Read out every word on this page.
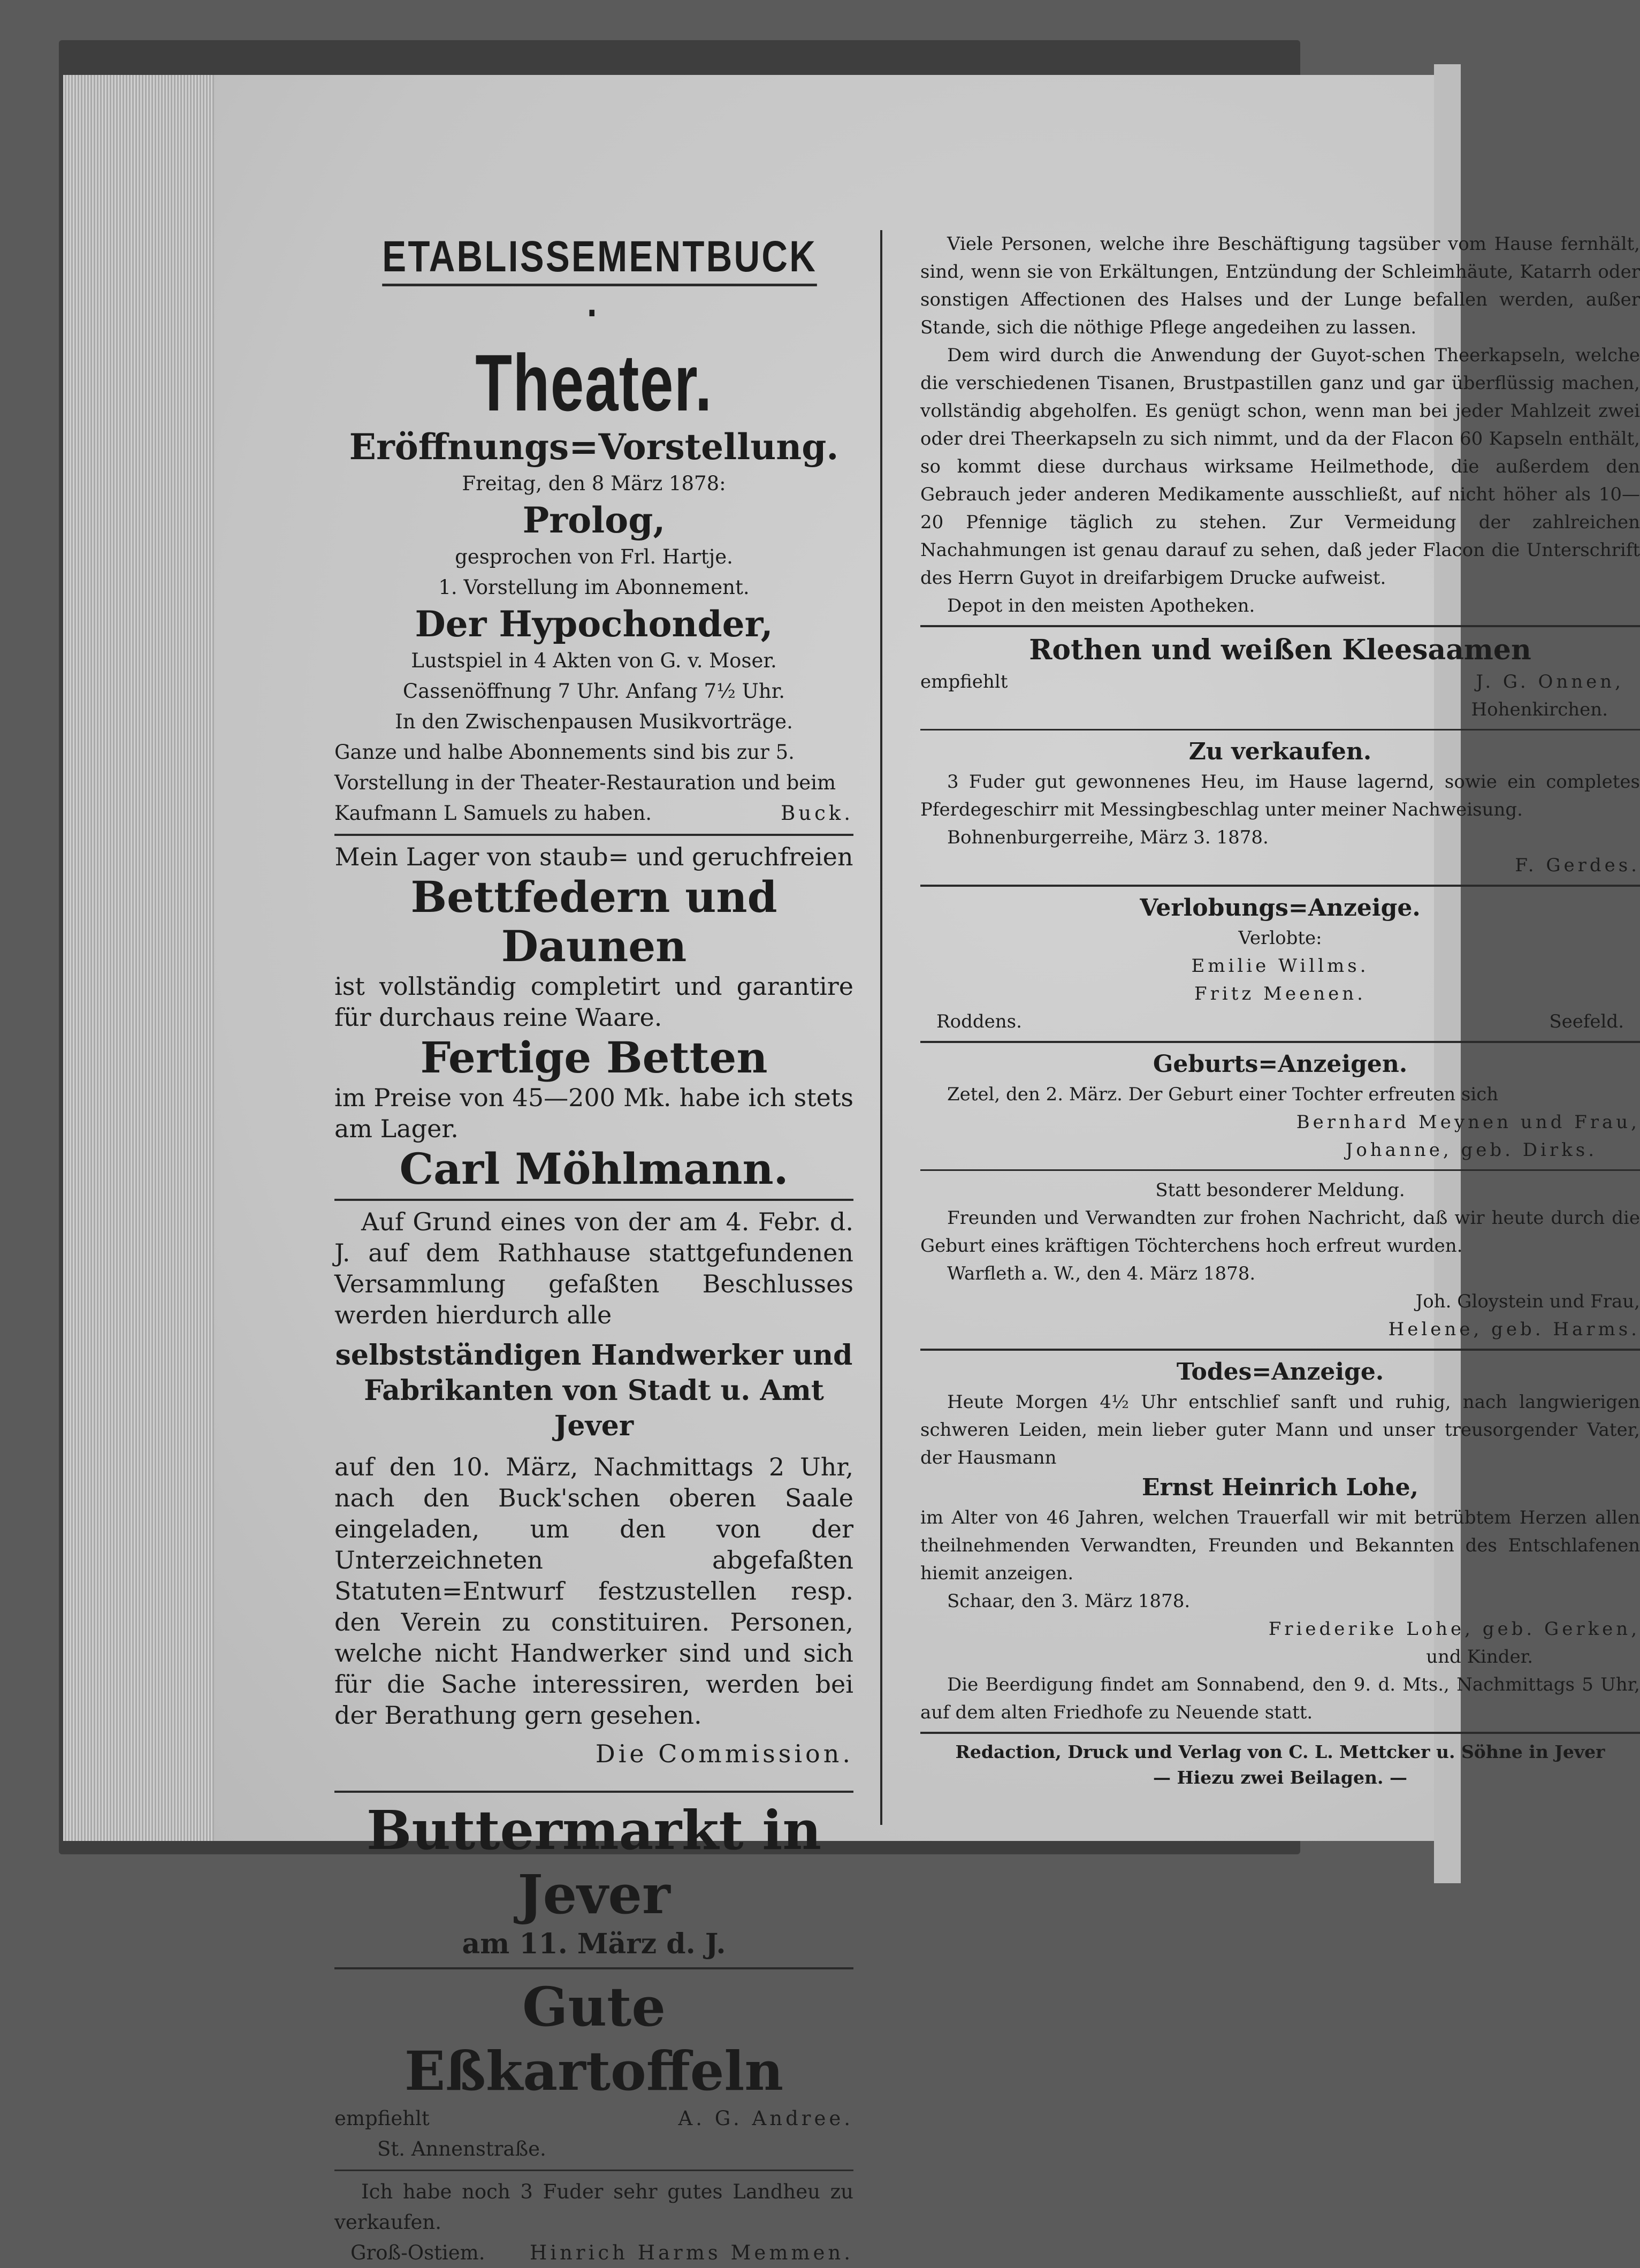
ETABLISSEMENTBUCK·

Theater.

Eröffnungs=Vorstellung.

Freitag, den 8 März 1878:

Prolog,

gesprochen von Frl. Hartje.

1. Vorstellung im Abonnement.

Der Hypochonder,

Lustspiel in 4 Akten von G. v. Moser.

Cassenöffnung 7 Uhr. Anfang 7½ Uhr.

In den Zwischenpausen Musikvorträge.

Ganze und halbe Abonnements sind bis zur 5.

Vorstellung in der Theater-Restauration und beim

Kaufmann L Samuels zu haben.	Buck.

Mein Lager von staub= und geruchfreien

Bettfedern und Daunen

ist vollständig completirt und garantire für durchaus reine Waare.

Fertige Betten

im Preise von 45—200 Mk. habe ich stets am Lager.

Carl Möhlmann.

Auf Grund eines von der am 4. Febr. d. J. auf dem Rathhause stattgefundenen Versammlung gefaßten Beschlusses werden hierdurch alle

selbstständigen Handwerker und Fabrikanten von Stadt u. Amt Jever

auf den 10. März, Nachmittags 2 Uhr, nach den Buck'schen oberen Saale eingeladen, um den von der Unterzeichneten abgefaßten Statuten=Entwurf festzustellen resp. den Verein zu constituiren. Personen, welche nicht Handwerker sind und sich für die Sache interessiren, werden bei der Berathung gern gesehen.

Die Commission.

Buttermarkt in Jever

am 11. März d. J.

Gute Eßkartoffeln

empfiehlt	A. G. Andree.

St. Annenstraße.

Ich habe noch 3 Fuder sehr gutes Landheu zu verkaufen.

Groß-Ostiem. Hinrich Harms Memmen.

Viele Personen, welche ihre Beschäftigung tagsüber vom Hause fernhält, sind, wenn sie von Erkältungen, Entzündung der Schleimhäute, Katarrh oder sonstigen Affectionen des Halses und der Lunge befallen werden, außer Stande, sich die nöthige Pflege angedeihen zu lassen.

Dem wird durch die Anwendung der Guyot-schen Theerkapseln, welche die verschiedenen Tisanen, Brustpastillen ganz und gar überflüssig machen, vollständig abgeholfen. Es genügt schon, wenn man bei jeder Mahlzeit zwei oder drei Theerkapseln zu sich nimmt, und da der Flacon 60 Kapseln enthält, so kommt diese durchaus wirksame Heilmethode, die außerdem den Gebrauch jeder anderen Medikamente ausschließt, auf nicht höher als 10—20 Pfennige täglich zu stehen. Zur Vermeidung der zahlreichen Nachahmungen ist genau darauf zu sehen, daß jeder Flacon die Unterschrift des Herrn Guyot in dreifarbigem Drucke aufweist.

Depot in den meisten Apotheken.

Rothen und weißen Kleesaamen

empfiehlt	J. G. Onnen,

Hohenkirchen.

Zu verkaufen.

3 Fuder gut gewonnenes Heu, im Hause lagernd, sowie ein completes Pferdegeschirr mit Messingbeschlag unter meiner Nachweisung.

Bohnenburgerreihe, März 3. 1878.

F. Gerdes.

Verlobungs=Anzeige.

Verlobte:

Emilie Willms.

Fritz Meenen.

Roddens.	Seefeld.

Geburts=Anzeigen.

Zetel, den 2. März. Der Geburt einer Tochter erfreuten sich

Bernhard Meynen und Frau,

Johanne, geb. Dirks.

Statt besonderer Meldung.

Freunden und Verwandten zur frohen Nachricht, daß wir heute durch die Geburt eines kräftigen Töchterchens hoch erfreut wurden.

Warfleth a. W., den 4. März 1878.

Joh. Gloystein und Frau,

Helene, geb. Harms.

Todes=Anzeige.

Heute Morgen 4½ Uhr entschlief sanft und ruhig, nach langwierigen schweren Leiden, mein lieber guter Mann und unser treusorgender Vater, der Hausmann

Ernst Heinrich Lohe,

im Alter von 46 Jahren, welchen Trauerfall wir mit betrübtem Herzen allen theilnehmenden Verwandten, Freunden und Bekannten des Entschlafenen hiemit anzeigen.

Schaar, den 3. März 1878.

Friederike Lohe, geb. Gerken,

und Kinder.

Die Beerdigung findet am Sonnabend, den 9. d. Mts., Nachmittags 5 Uhr, auf dem alten Friedhofe zu Neuende statt.

Redaction, Druck und Verlag von C. L. Mettcker u. Söhne in Jever

— Hiezu zwei Beilagen. —
